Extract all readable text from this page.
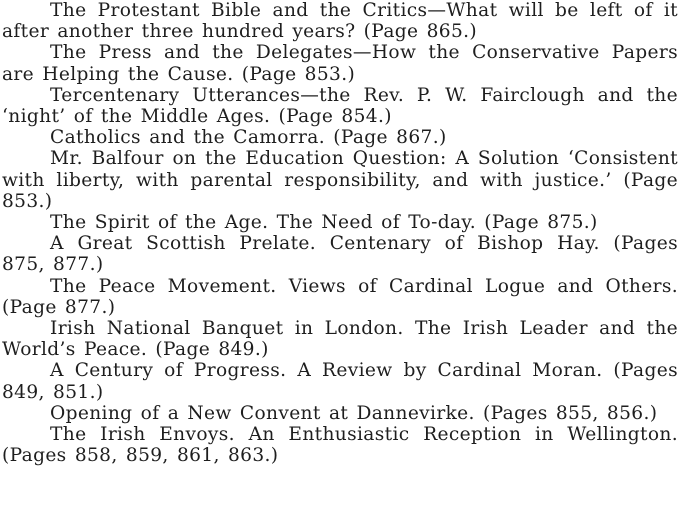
The Protestant Bible and the Critics—What will be left of it after another three hundred years? (Page 865.)

The Press and the Delegates—How the Conservative Papers are Helping the Cause. (Page 853.)

Tercentenary Utterances—the Rev. P. W. Fairclough and the ‘night’ of the Middle Ages. (Page 854.)

Catholics and the Camorra. (Page 867.)

Mr. Balfour on the Education Question: A Solution ‘Consistent with liberty, with parental responsibility, and with justice.’ (Page 853.)

The Spirit of the Age. The Need of To-day. (Page 875.)

A Great Scottish Prelate. Centenary of Bishop Hay. (Pages 875, 877.)

The Peace Movement. Views of Cardinal Logue and Others. (Page 877.)

Irish National Banquet in London. The Irish Leader and the World’s Peace. (Page 849.)

A Century of Progress. A Review by Cardinal Moran. (Pages 849, 851.)

Opening of a New Convent at Dannevirke. (Pages 855, 856.)

The Irish Envoys. An Enthusiastic Reception in Wellington. (Pages 858, 859, 861, 863.)
